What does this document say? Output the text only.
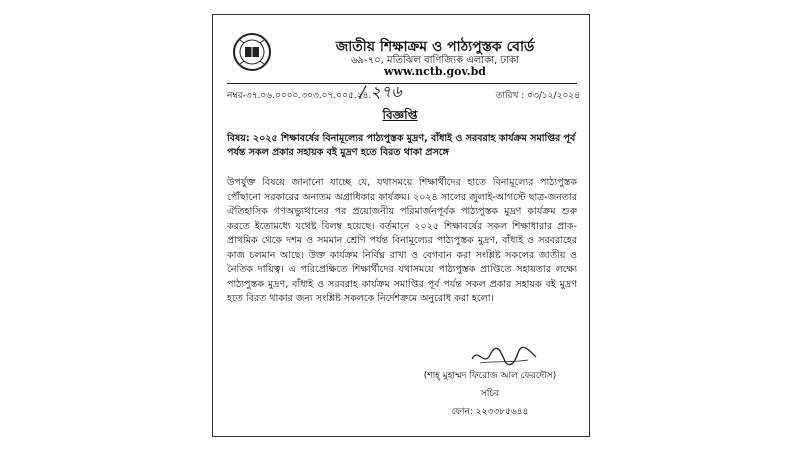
জাতীয় শিক্ষাক্রম ও পাঠ্যপুস্তক বোর্ড
৬৯-৭০, মতিঝিল বাণিজ্যিক এলাকা, ঢাকা
www.nctb.gov.bd
নম্বর-৩৭.০৬.০০০০.৩০৩.০৭.০০৫.২৪.
/ ২৭৬	তারিখ : ০৩/১২/২০২৪
বিজ্ঞপ্তি
বিষয়: ২০২৫ শিক্ষাবর্ষের বিনামূল্যের পাঠ্যপুস্তক মুদ্রণ, বাঁধাই ও সরবরাহ কার্যক্রম সমাপ্তির পূর্ব পর্যন্ত সকল প্রকার সহায়ক বই মুদ্রণ হতে বিরত থাকা প্রসঙ্গে
উপর্যুক্ত বিষয়ে জানানো যাচ্ছে যে, যথাসময়ে শিক্ষার্থীদের হাতে বিনামূল্যের পাঠ্যপুস্তক পৌঁছানো সরকারের অন্যতম অগ্রাধিকার কার্যক্রম। ২০২৪ সালের জুলাই-আগস্টে ছাত্র-জনতার ঐতিহাসিক গণঅভ্যুত্থানের পর প্রয়োজনীয় পরিমার্জনপূর্বক পাঠ্যপুস্তক মুদ্রণ কার্যক্রম শুরু করতে ইতোমধ্যে যথেষ্ট বিলম্ব হয়েছে। বর্তমানে ২০২৫ শিক্ষাবর্ষের সকল শিক্ষাধারার প্রাক-প্রাথমিক থেকে দশম ও সমমান শ্রেণি পর্যন্ত বিনামূল্যের পাঠ্যপুস্তক মুদ্রণ, বাঁধাই ও সরবরাহের কাজ চলমান আছে। উক্ত কার্যক্রম নির্বিঘ্ন রাখা ও বেগবান করা সংশ্লিষ্ট সকলের জাতীয় ও নৈতিক দায়িত্ব। এ পরিপ্রেক্ষিতে শিক্ষার্থীদের যথাসময়ে পাঠ্যপুস্তক প্রাপ্তিতে সহায়তার লক্ষ্যে পাঠ্যপুস্তক মুদ্রণ, বাঁধাই ও সরবরাহ কার্যক্রম সমাপ্তির পূর্ব পর্যন্ত সকল প্রকার সহায়ক বই মুদ্রণ হতে বিরত থাকার জন্য সংশ্লিষ্ট সকলকে নির্দেশক্রমে অনুরোধ করা হলো।
(শাহ্ মুহাম্মদ ফিরোজ আল ফেরদৌস)
সচিব
ফোন: ২২৩৩৮৫৬৪৪
